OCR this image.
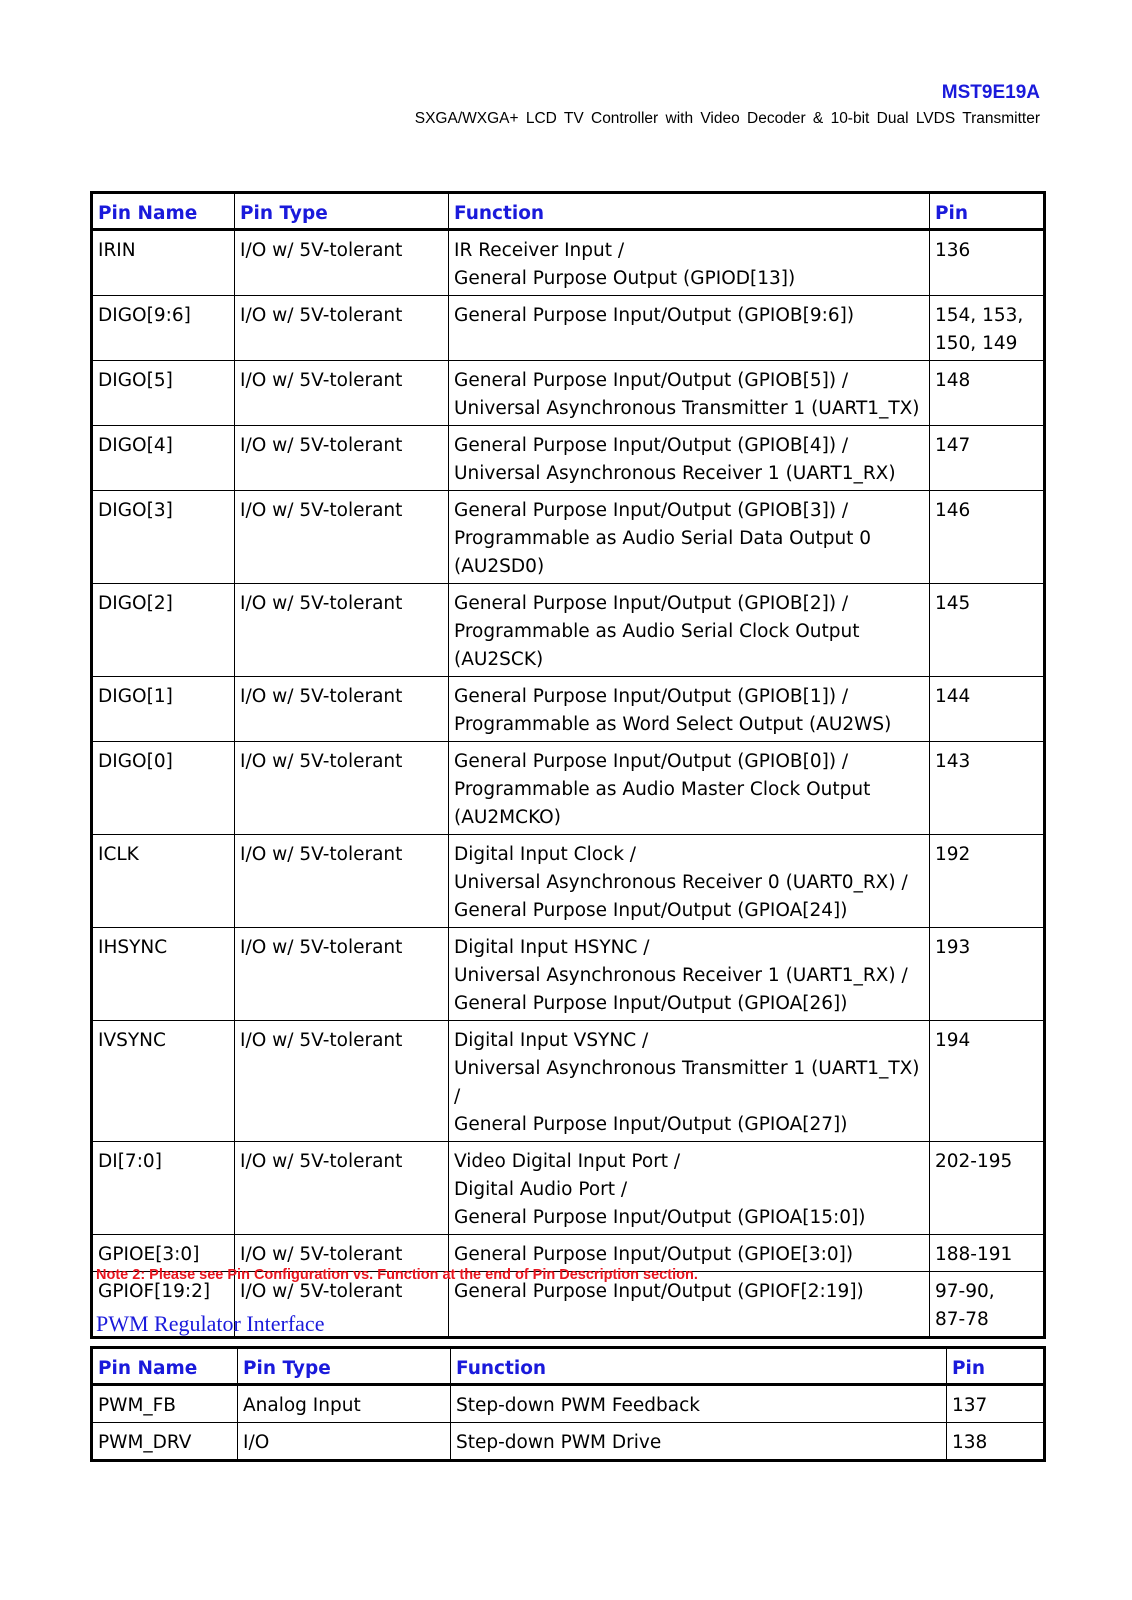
MST9E19A
SXGA/WXGA+ LCD TV Controller with Video Decoder & 10-bit Dual LVDS Transmitter
Pin Name	Pin Type	Function	Pin
IRIN	I/O w/ 5V-tolerant	IR Receiver Input /
General Purpose Output (GPIOD[13])	136

DIGO[9:6]	I/O w/ 5V-tolerant	General Purpose Input/Output (GPIOB[9:6])	154, 153,
150, 149

DIGO[5]	I/O w/ 5V-tolerant	General Purpose Input/Output (GPIOB[5]) /
Universal Asynchronous Transmitter 1 (UART1_TX)	148

DIGO[4]	I/O w/ 5V-tolerant	General Purpose Input/Output (GPIOB[4]) /
Universal Asynchronous Receiver 1 (UART1_RX)	147

DIGO[3]	I/O w/ 5V-tolerant	General Purpose Input/Output (GPIOB[3]) /
Programmable as Audio Serial Data Output 0 (AU2SD0)	146

DIGO[2]	I/O w/ 5V-tolerant	General Purpose Input/Output (GPIOB[2]) /
Programmable as Audio Serial Clock Output (AU2SCK)	145

DIGO[1]	I/O w/ 5V-tolerant	General Purpose Input/Output (GPIOB[1]) /
Programmable as Word Select Output (AU2WS)	144

DIGO[0]	I/O w/ 5V-tolerant	General Purpose Input/Output (GPIOB[0]) /
Programmable as Audio Master Clock Output (AU2MCKO)	143

ICLK	I/O w/ 5V-tolerant	Digital Input Clock /
Universal Asynchronous Receiver 0 (UART0_RX) /
General Purpose Input/Output (GPIOA[24])	192

IHSYNC	I/O w/ 5V-tolerant	Digital Input HSYNC /
Universal Asynchronous Receiver 1 (UART1_RX) /
General Purpose Input/Output (GPIOA[26])	193

IVSYNC	I/O w/ 5V-tolerant	Digital Input VSYNC /
Universal Asynchronous Transmitter 1 (UART1_TX) /
General Purpose Input/Output (GPIOA[27])	194

DI[7:0]	I/O w/ 5V-tolerant	Video Digital Input Port /
Digital Audio Port /
General Purpose Input/Output (GPIOA[15:0])	202-195

GPIOE[3:0]	I/O w/ 5V-tolerant	General Purpose Input/Output (GPIOE[3:0])	188-191

GPIOF[19:2]	I/O w/ 5V-tolerant	General Purpose Input/Output (GPIOF[2:19])	97-90,
87-78
Note 2: Please see Pin Configuration vs. Function at the end of Pin Description section.
PWM Regulator Interface
Pin Name	Pin Type	Function	Pin
PWM_FB	Analog Input	Step-down PWM Feedback	137

PWM_DRV	I/O	Step-down PWM Drive	138
